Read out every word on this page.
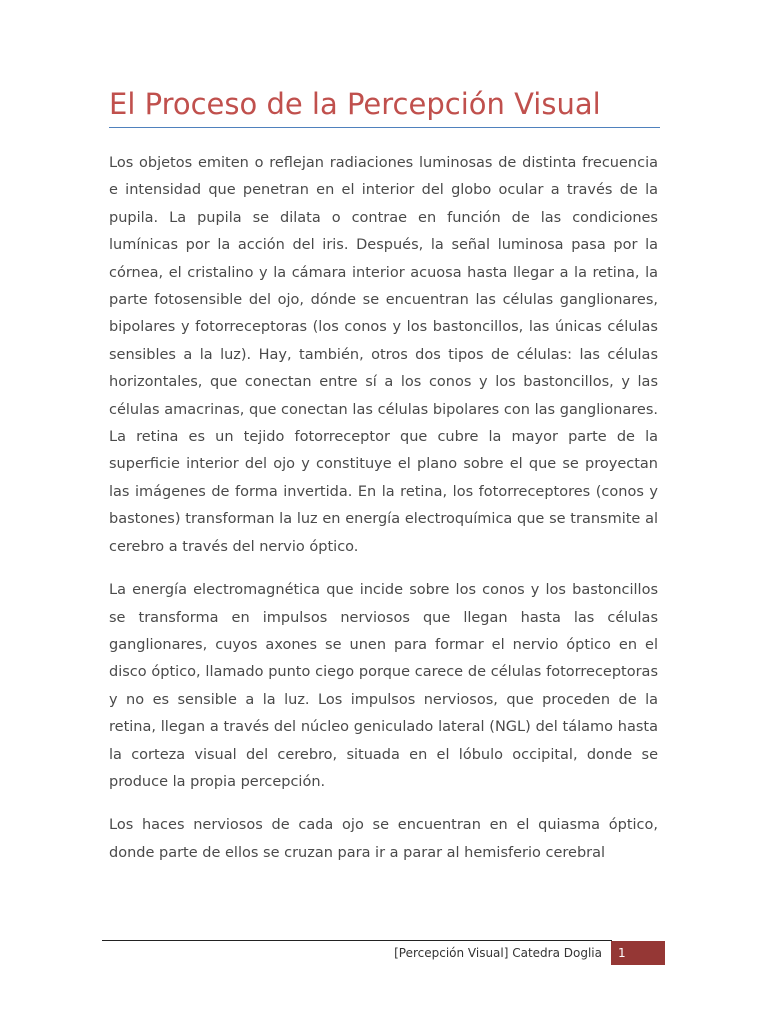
El Proceso de la Percepción Visual

Los objetos emiten o reflejan radiaciones luminosas de distinta frecuencia e intensidad que penetran en el interior del globo ocular a través de la pupila. La pupila se dilata o contrae en función de las condiciones lumínicas por la acción del iris. Después, la señal luminosa pasa por la córnea, el cristalino y la cámara interior acuosa hasta llegar a la retina, la parte fotosensible del ojo, dónde se encuentran las células ganglionares, bipolares y fotorreceptoras (los conos y los bastoncillos, las únicas células sensibles a la luz). Hay, también, otros dos tipos de células: las células horizontales, que conectan entre sí a los conos y los bastoncillos, y las células amacrinas, que conectan las células bipolares con las ganglionares. La retina es un tejido fotorreceptor que cubre la mayor parte de la superficie interior del ojo y constituye el plano sobre el que se proyectan las imágenes de forma invertida. En la retina, los fotorreceptores (conos y bastones) transforman la luz en energía electroquímica que se transmite al cerebro a través del nervio óptico.

La energía electromagnética que incide sobre los conos y los bastoncillos se transforma en impulsos nerviosos que llegan hasta las células ganglionares, cuyos axones se unen para formar el nervio óptico en el disco óptico, llamado punto ciego porque carece de células fotorreceptoras y no es sensible a la luz. Los impulsos nerviosos, que proceden de la retina, llegan a través del núcleo geniculado lateral (NGL) del tálamo hasta la corteza visual del cerebro, situada en el lóbulo occipital, donde se produce la propia percepción.

Los haces nerviosos de cada ojo se encuentran en el quiasma óptico, donde parte de ellos se cruzan para ir a parar al hemisferio cerebral

[Percepción Visual] Catedra Doglia	1
